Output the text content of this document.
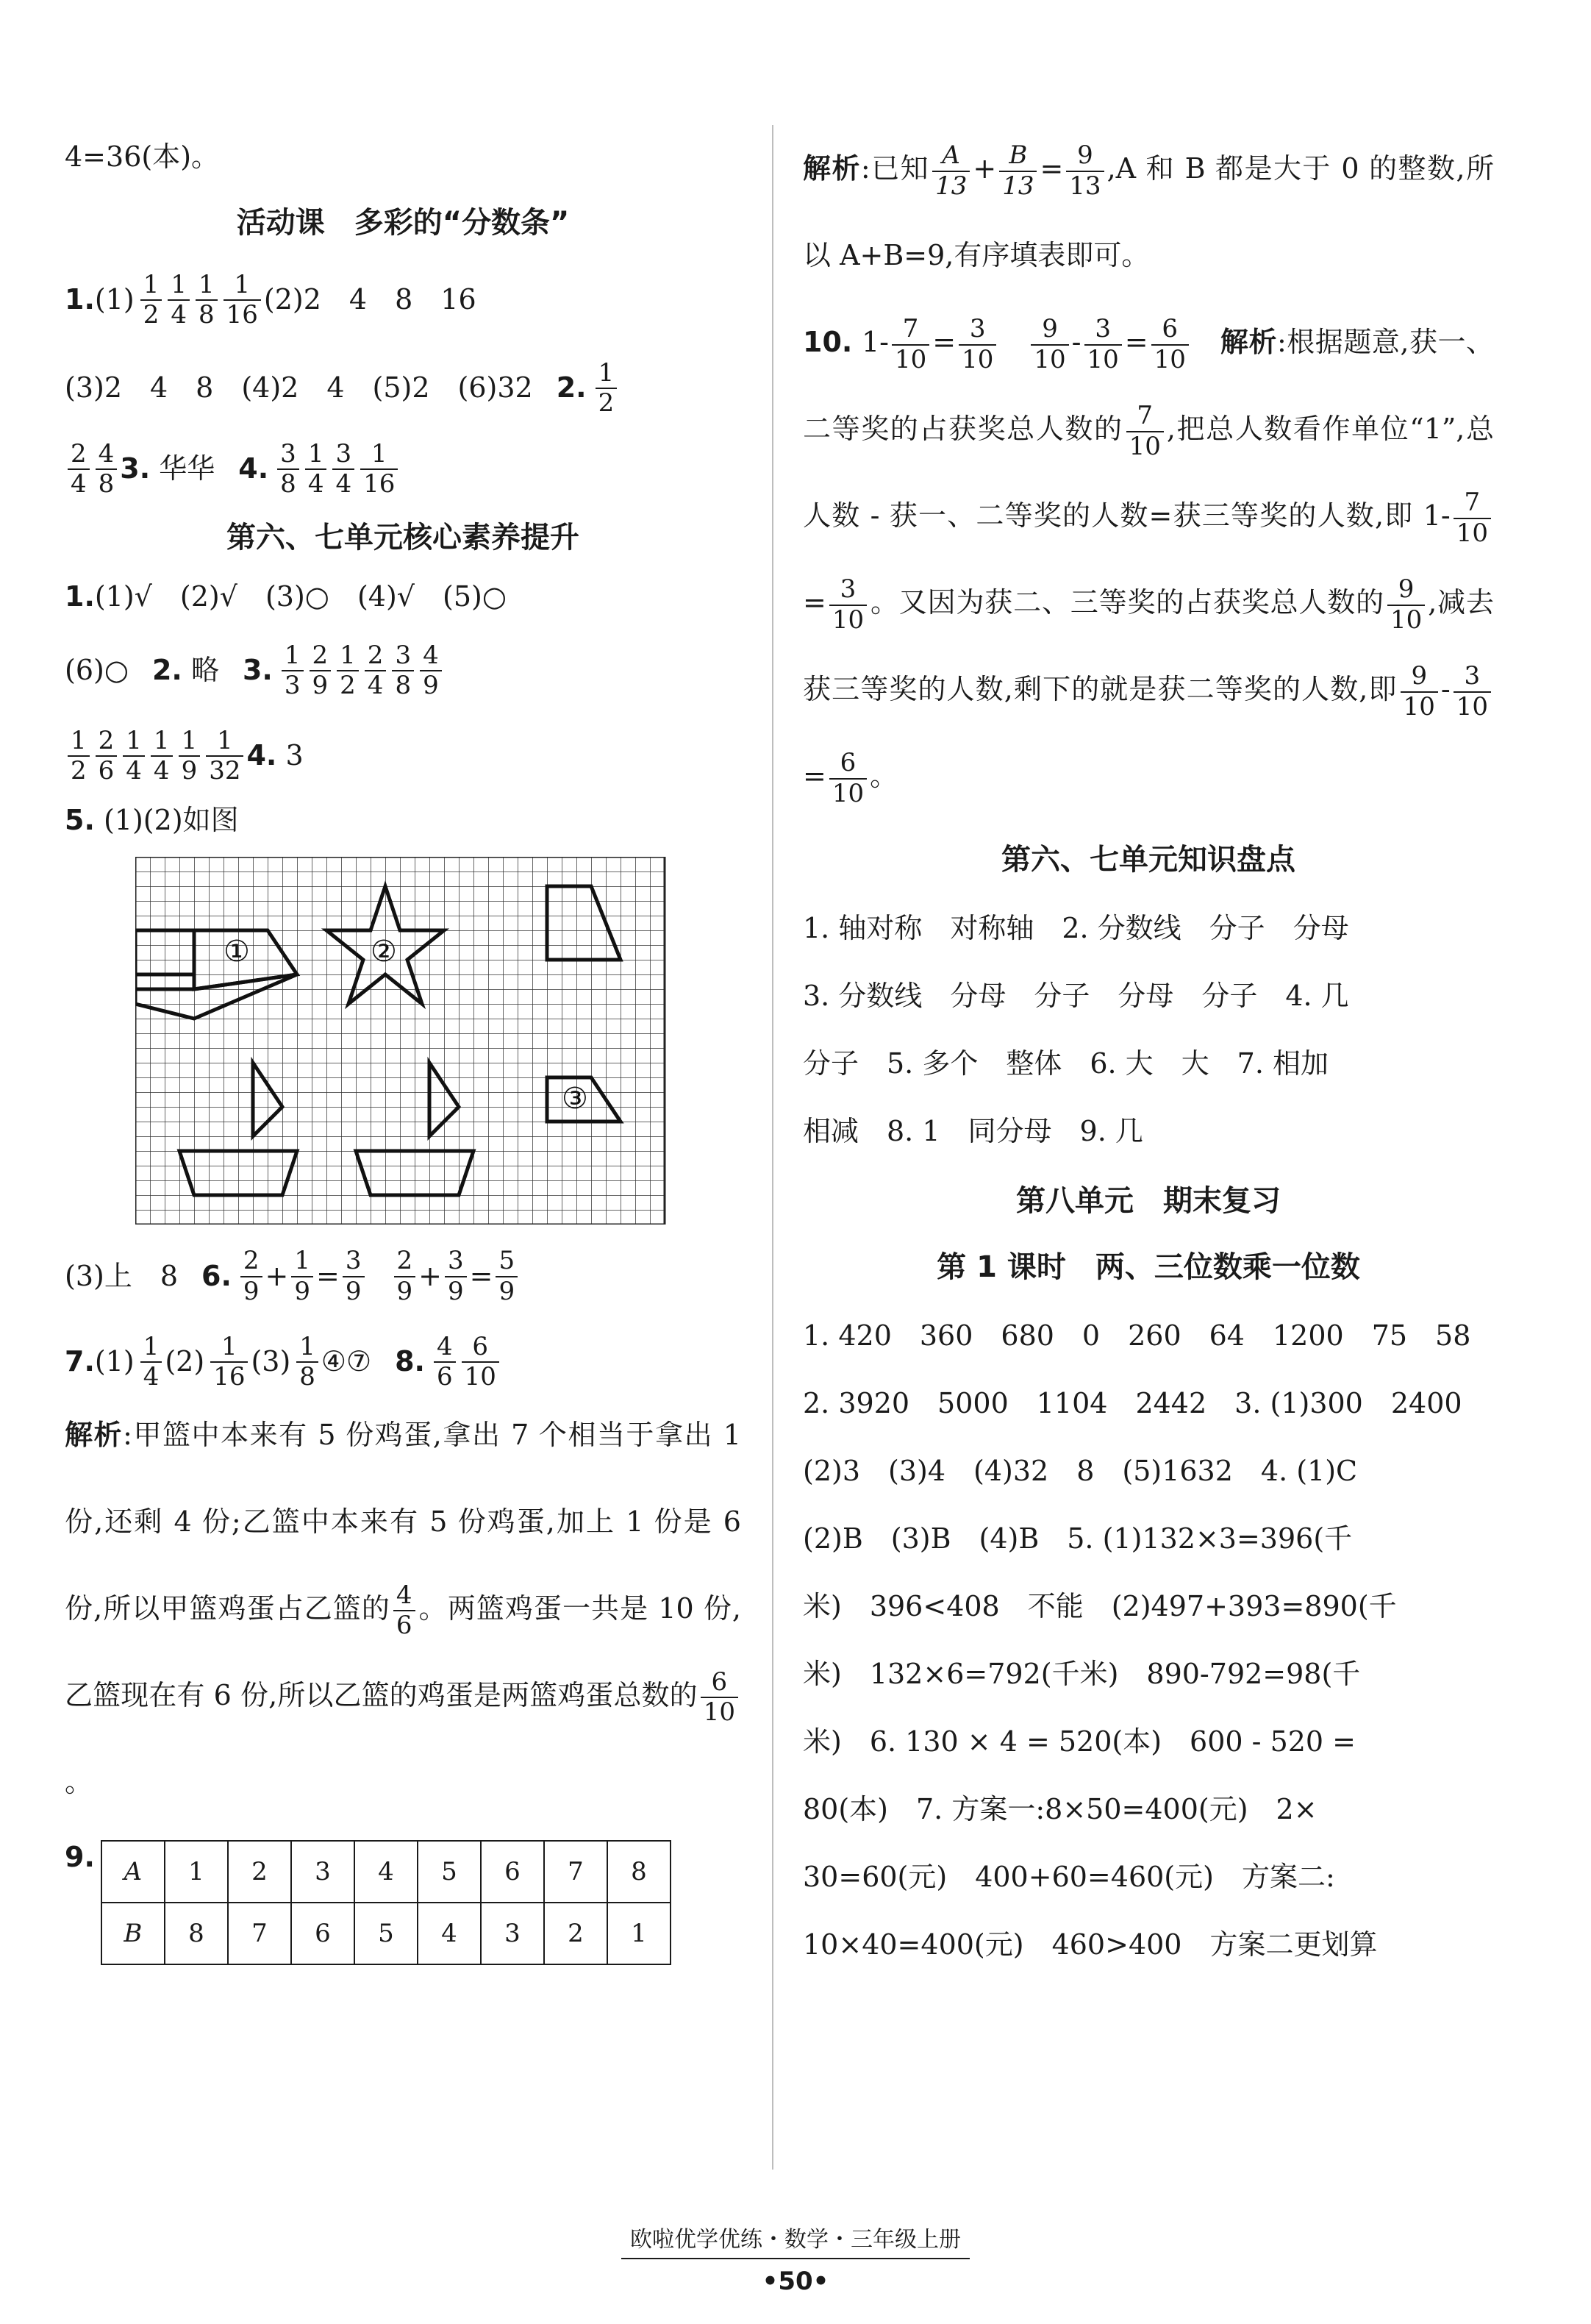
4=36(本)。
活动课　多彩的“分数条”
$1.(1) \frac{1}{2} \frac{1}{4} \frac{1}{8} \frac{1}{16} (2)2$　4　8　16
(3)2　4　8　(4)2　4　(5)2　(6)32 2. $\frac{1}{2}$
$\frac{2}{4} \frac{4}{8} 3$. 华华 4. $\frac{3}{8} \frac{1}{4} \frac{3}{4} \frac{1}{16}$
第六、七单元核心素养提升
1.(1)√　(2)√　(3)○　(4)√　(5)○
(6)○ 2. 略 3. $\frac{1}{3} \frac{2}{9} \frac{1}{2} \frac{2}{4} \frac{3}{8} \frac{4}{9}$
$\frac{1}{2} \frac{2}{6} \frac{1}{4} \frac{1}{4} \frac{1}{9} \frac{1}{32} 4$. 3
5. (1)(2)如图
①	②
③
(3)上　8 6. $\frac{2}{9} + \frac{1}{9} = \frac{3}{9} \frac{2}{9} + \frac{3}{9} = \frac{5}{9}$
$7.(1) \frac{1}{4} (2) \frac{1}{16} (3) \frac{1}{8}$ ④⑦ 8. $\frac{4}{6} \frac{6}{10}$
解析:甲篮中本来有 5 份鸡蛋,拿出 7 个相当于拿出 1 份,还剩 4 份;乙篮中本来有 5 份鸡蛋,加上 1 份是 6 份,所以甲篮鸡蛋占乙篮的 $\frac{4}{6}$ 。两篮鸡蛋一共是 10 份,乙篮现在有 6 份,所以乙篮的鸡蛋是两篮鸡蛋总数的 $\frac{6}{10}$
。
9. A	1	2	3	4	5	6	7	8
B	8	7	6	5	4	3	2	1
解析:已知 $\frac{A}{13} + \frac{B}{13} = \frac{9}{13} ,A$ 和 B 都是大于 0 的整数,所以 A+B=9,有序填表即可。
10. $1- \frac{7}{10} = \frac{3}{10}$
　 $\frac{9}{10} - \frac{3}{10} = \frac{6}{10}$
　 解析:根据题意,获一、二等奖的占获奖总人数的 $\frac{7}{10}$ ,把总人数看作单位“1”,总人数 - 获一、二等奖的人数=获三等奖的人数,即 $1- \frac{7}{10}$
= $\frac{3}{10}$ 。又因为获二、三等奖的占获奖总人数的 $\frac{9}{10}$ ,减去获三等奖的人数,剩下的就是获二等奖的人数,即 $\frac{9}{10} - \frac{3}{10}$
= $\frac{6}{10}$ 。
第六、七单元知识盘点
1. 轴对称　对称轴　2. 分数线　分子　分母
3. 分数线　分母　分子　分母　分子　4. 几
分子　5. 多个　整体　6. 大　大　7. 相加
相减　8. 1　同分母　9. 几
第八单元　期末复习
第 1 课时　两、三位数乘一位数
1. 420　360　680　0　260　64　1200　75　58
2. 3920　5000　1104　2442　3. (1)300　2400
(2)3　(3)4　(4)32　8　(5)1632　4. (1)C
(2)B　(3)B　(4)B　5. (1)132×3=396(千
米)　396<408　不能　(2)497+393=890(千
米)　132×6=792(千米)　890-792=98(千
米)　6. 130 × 4 = 520(本)　600 - 520 =
80(本)　7. 方案一:8×50=400(元)　2×
30=60(元)　400+60=460(元)　方案二:
10×40=400(元)　460>400　方案二更划算
欧啦优学优练・数学・三年级上册
•50•
